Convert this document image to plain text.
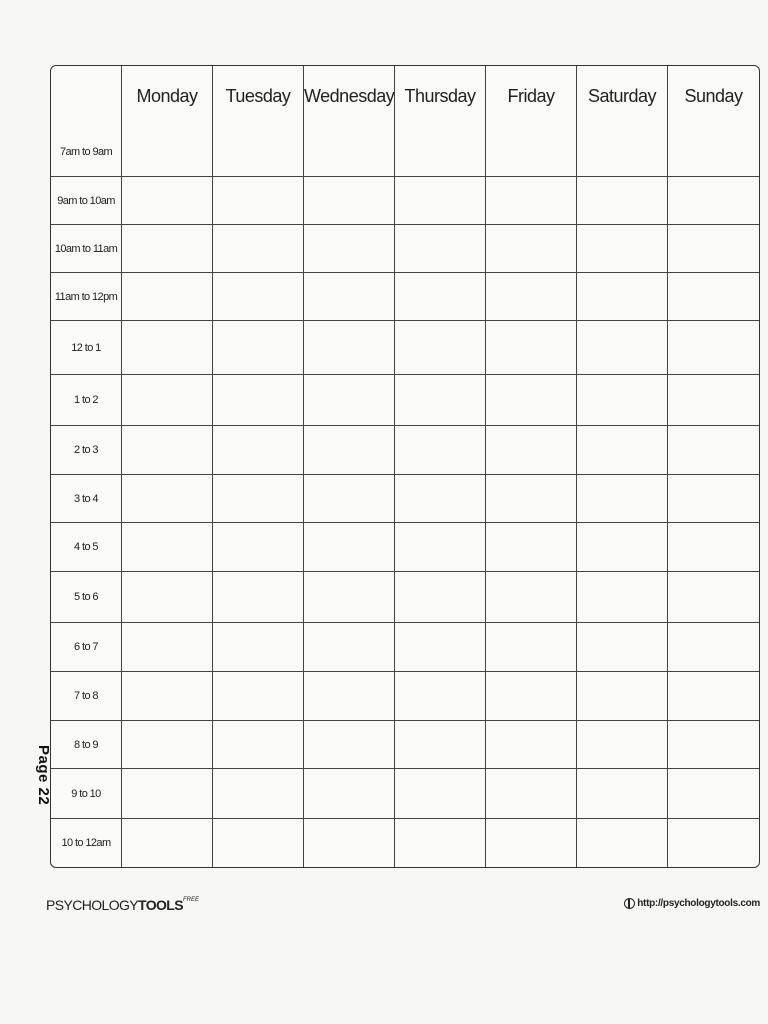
	Monday	Tuesday	Wednesday	Thursday	Friday	Saturday	Sunday
7am to 9am							
9am to 10am							
10am to 11am							
11am to 12pm							
12 to 1							
1 to 2							
2 to 3							
3 to 4							
4 to 5							
5 to 6							
6 to 7							
7 to 8							
8 to 9							
9 to 10							
10 to 12am							
Page 22
$PSYCHOLOGYTOOLS^{FREE}$	http://psychologytools.com
